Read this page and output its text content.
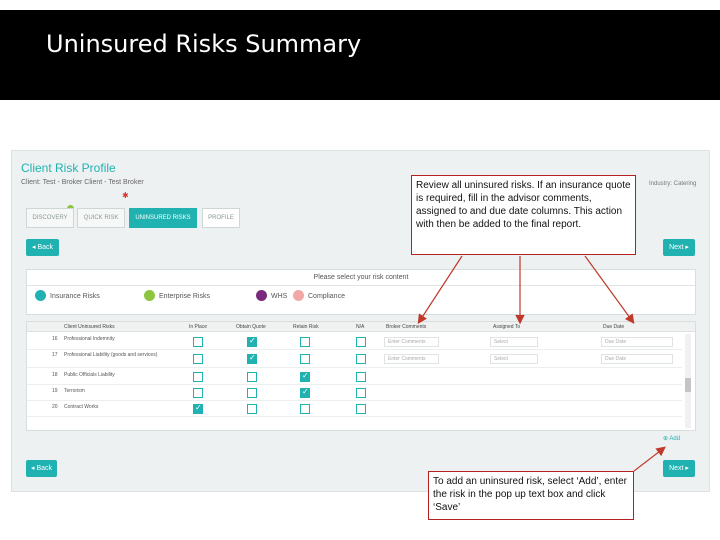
Uninsured Risks Summary
Client Risk Profile
Client: Test - Broker Client - Test Broker	Industry: Catering
✱
DISCOVERY	QUICK RISK	UNINSURED RISKS	PROFILE
◂ Back	Next ▸
Please select your risk content
Insurance Risks	Enterprise Risks	WHS	Compliance
Client Uninsured Risks	In Place	Obtain Quote	Retain Risk	N/A	Broker Comments	Assigned To	Due Date
16 Professional Indemnity
✓	Enter Comments	Select	Due Date
17 Professional Liability (goods and services)
✓
Enter Comments	Select	Due Date
18 Public Officials Liability
✓
19 Terrorism
✓
20 Contract Works
✓
⊕ Add
◂ Back	Next ▸
Review all uninsured risks. If an insurance quote is required, fill in the advisor comments, assigned to and due date columns. This action with then be added to the final report.
To add an uninsured risk, select ‘Add’, enter the risk in the pop up text box and click ‘Save’
